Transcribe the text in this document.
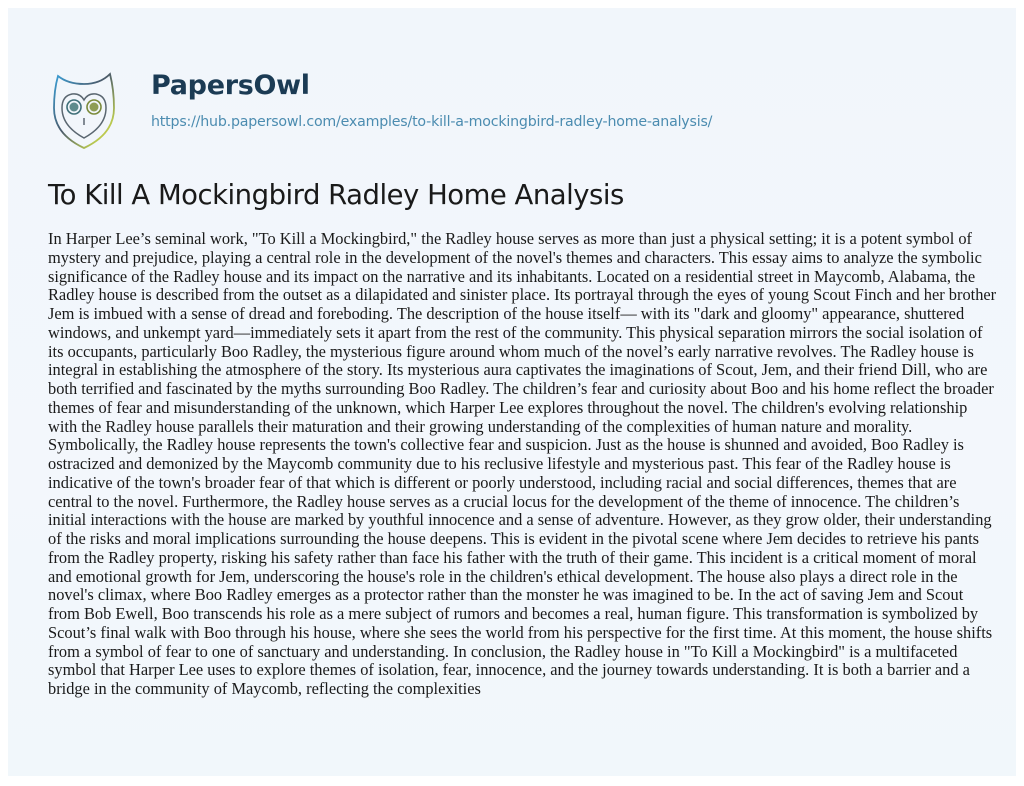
PapersOwl
https://hub.papersowl.com/examples/to-kill-a-mockingbird-radley-home-analysis/
To Kill A Mockingbird Radley Home Analysis
In Harper Lee’s seminal work, "To Kill a Mockingbird," the Radley house serves as more than just a physical setting; it is a potent symbol of
mystery and prejudice, playing a central role in the development of the novel's themes and characters. This essay aims to analyze the symbolic
significance of the Radley house and its impact on the narrative and its inhabitants. Located on a residential street in Maycomb, Alabama, the
Radley house is described from the outset as a dilapidated and sinister place. Its portrayal through the eyes of young Scout Finch and her brother
Jem is imbued with a sense of dread and foreboding. The description of the house itself— with its "dark and gloomy" appearance, shuttered
windows, and unkempt yard—immediately sets it apart from the rest of the community. This physical separation mirrors the social isolation of
its occupants, particularly Boo Radley, the mysterious figure around whom much of the novel’s early narrative revolves. The Radley house is
integral in establishing the atmosphere of the story. Its mysterious aura captivates the imaginations of Scout, Jem, and their friend Dill, who are
both terrified and fascinated by the myths surrounding Boo Radley. The children’s fear and curiosity about Boo and his home reflect the broader
themes of fear and misunderstanding of the unknown, which Harper Lee explores throughout the novel. The children's evolving relationship
with the Radley house parallels their maturation and their growing understanding of the complexities of human nature and morality.
Symbolically, the Radley house represents the town's collective fear and suspicion. Just as the house is shunned and avoided, Boo Radley is
ostracized and demonized by the Maycomb community due to his reclusive lifestyle and mysterious past. This fear of the Radley house is
indicative of the town's broader fear of that which is different or poorly understood, including racial and social differences, themes that are
central to the novel. Furthermore, the Radley house serves as a crucial locus for the development of the theme of innocence. The children’s
initial interactions with the house are marked by youthful innocence and a sense of adventure. However, as they grow older, their understanding
of the risks and moral implications surrounding the house deepens. This is evident in the pivotal scene where Jem decides to retrieve his pants
from the Radley property, risking his safety rather than face his father with the truth of their game. This incident is a critical moment of moral
and emotional growth for Jem, underscoring the house's role in the children's ethical development. The house also plays a direct role in the
novel's climax, where Boo Radley emerges as a protector rather than the monster he was imagined to be. In the act of saving Jem and Scout
from Bob Ewell, Boo transcends his role as a mere subject of rumors and becomes a real, human figure. This transformation is symbolized by
Scout’s final walk with Boo through his house, where she sees the world from his perspective for the first time. At this moment, the house shifts
from a symbol of fear to one of sanctuary and understanding. In conclusion, the Radley house in "To Kill a Mockingbird" is a multifaceted
symbol that Harper Lee uses to explore themes of isolation, fear, innocence, and the journey towards understanding. It is both a barrier and a
bridge in the community of Maycomb, reflecting the complexities
